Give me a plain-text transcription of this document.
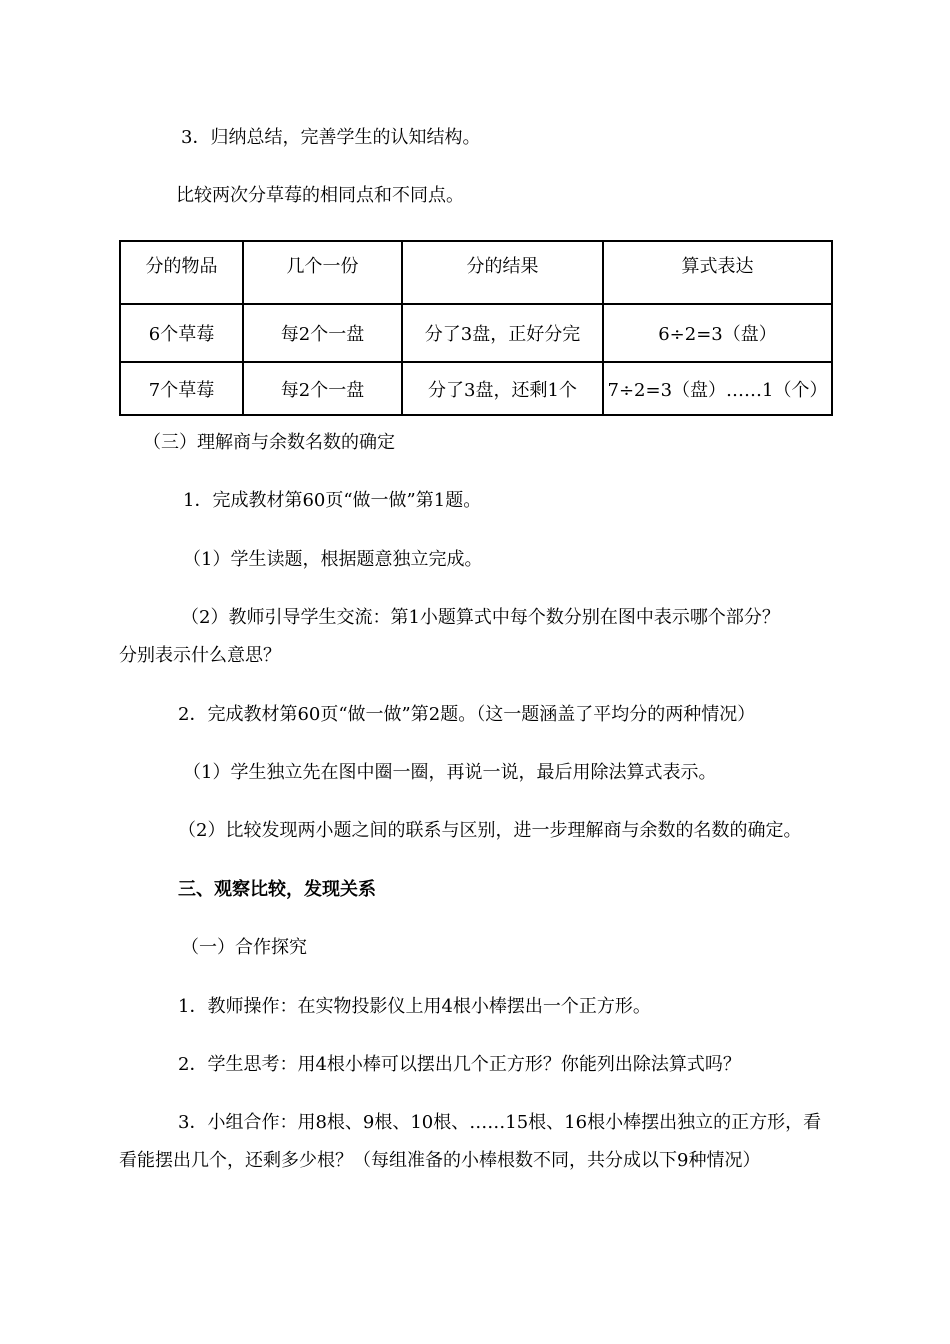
3．归纳总结，完善学生的认知结构。
比较两次分草莓的相同点和不同点。
分的物品	几个一份	分的结果	算式表达
6个草莓	每2个一盘	分了3盘，正好分完	6÷2=3（盘）
7个草莓	每2个一盘	分了3盘，还剩1个	7÷2=3（盘）……1（个）
（三）理解商与余数名数的确定
1．完成教材第60页“做一做”第1题。
（1）学生读题，根据题意独立完成。
（2）教师引导学生交流：第1小题算式中每个数分别在图中表示哪个部分？
分别表示什么意思？
2．完成教材第60页“做一做”第2题。（这一题涵盖了平均分的两种情况）
（1）学生独立先在图中圈一圈，再说一说，最后用除法算式表示。
（2）比较发现两小题之间的联系与区别，进一步理解商与余数的名数的确定。
三、观察比较，发现关系
（一）合作探究
1．教师操作：在实物投影仪上用4根小棒摆出一个正方形。
2．学生思考：用4根小棒可以摆出几个正方形？你能列出除法算式吗？
3．小组合作：用8根、9根、10根、……15根、16根小棒摆出独立的正方形，看
看能摆出几个，还剩多少根？（每组准备的小棒根数不同，共分成以下9种情况）
